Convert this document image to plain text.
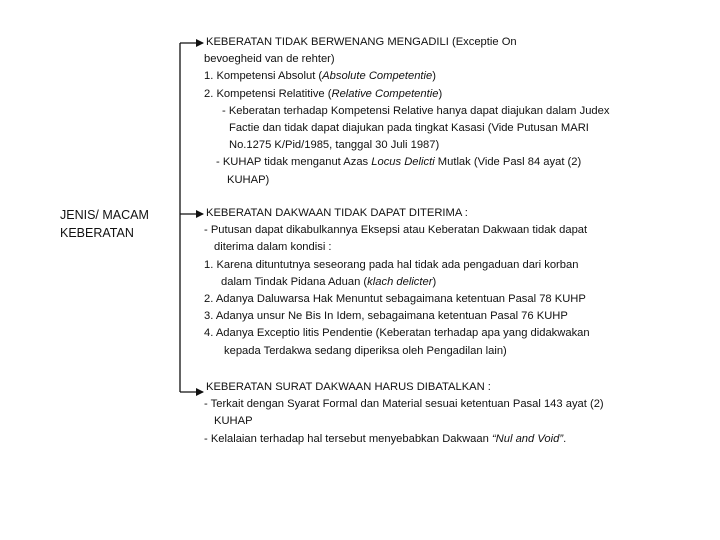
JENIS/ MACAM
KEBERATAN
KEBERATAN TIDAK BERWENANG MENGADILI (Exceptie On
bevoegheid van de rehter)
1. Kompetensi Absolut (Absolute Competentie)
2. Kompetensi Relatitive (Relative Competentie)
- Keberatan terhadap Kompetensi Relative hanya dapat diajukan dalam Judex
Factie dan tidak dapat diajukan pada tingkat Kasasi (Vide Putusan MARI
No.1275 K/Pid/1985, tanggal 30 Juli 1987)
- KUHAP tidak menganut Azas Locus Delicti Mutlak (Vide Pasl 84 ayat (2)
KUHAP)
KEBERATAN DAKWAAN TIDAK DAPAT DITERIMA :
- Putusan dapat dikabulkannya Eksepsi atau Keberatan Dakwaan tidak dapat
diterima dalam kondisi :
1. Karena dituntutnya seseorang pada hal tidak ada pengaduan dari korban
dalam Tindak Pidana Aduan (klach delicter)
2. Adanya Daluwarsa Hak Menuntut sebagaimana ketentuan Pasal 78 KUHP
3. Adanya unsur Ne Bis In Idem, sebagaimana ketentuan Pasal 76 KUHP
4. Adanya Exceptio litis Pendentie (Keberatan terhadap apa yang didakwakan
kepada Terdakwa sedang diperiksa oleh Pengadilan lain)
KEBERATAN SURAT DAKWAAN HARUS DIBATALKAN :
- Terkait dengan Syarat Formal dan Material sesuai ketentuan Pasal 143 ayat (2)
KUHAP
- Kelalaian terhadap hal tersebut menyebabkan Dakwaan “Nul and Void”.
